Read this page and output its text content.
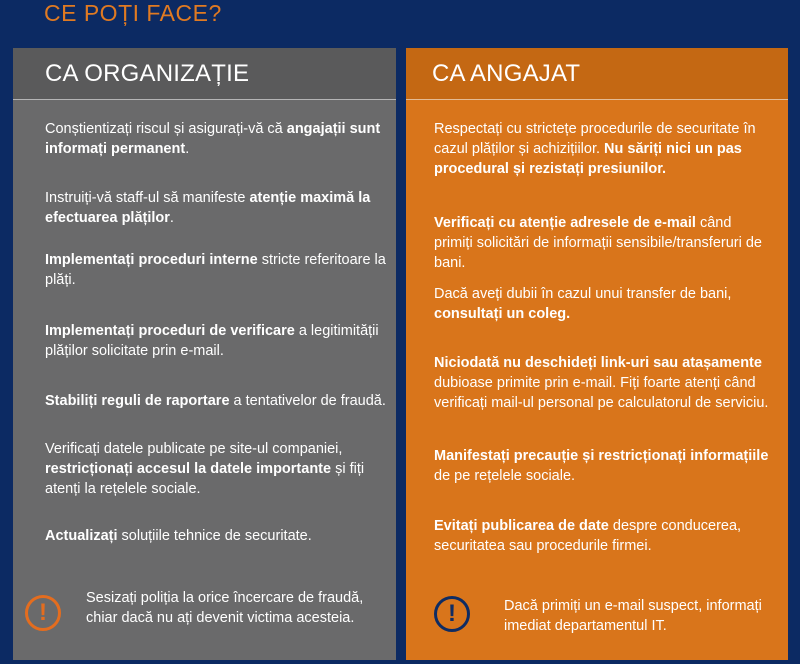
CE POȚI FACE?
CA ORGANIZAȚIE
Conștientizați riscul și asigurați-vă că angajații sunt informați permanent.
Instruiți-vă staff-ul să manifeste atenție maximă la efectuarea plăților.
Implementați proceduri interne stricte referitoare la plăți.
Implementați proceduri de verificare a legitimității plăților solicitate prin e-mail.
Stabiliți reguli de raportare a tentativelor de fraudă.
Verificați datele publicate pe site-ul companiei, restricționați accesul la datele importante și fiți atenți la rețelele sociale.
Actualizați soluțiile tehnice de securitate.
!
Sesizați poliția la orice încercare de fraudă, chiar dacă nu ați devenit victima acesteia.
CA ANGAJAT
Respectați cu strictețe procedurile de securitate în cazul plăților și achizițiilor. Nu săriți nici un pas procedural și rezistați presiunilor.
Verificați cu atenție adresele de e-mail când primiți solicitări de informații sensibile/transferuri de bani.
Dacă aveți dubii în cazul unui transfer de bani, consultați un coleg.
Niciodată nu deschideți link-uri sau atașamente dubioase primite prin e-mail. Fiți foarte atenți când verificați mail-ul personal pe calculatorul de serviciu.
Manifestați precauție și restricționați informațiile de pe rețelele sociale.
Evitați publicarea de date despre conducerea, securitatea sau procedurile firmei.
!	Dacă primiți un e-mail suspect, informați imediat departamentul IT.
